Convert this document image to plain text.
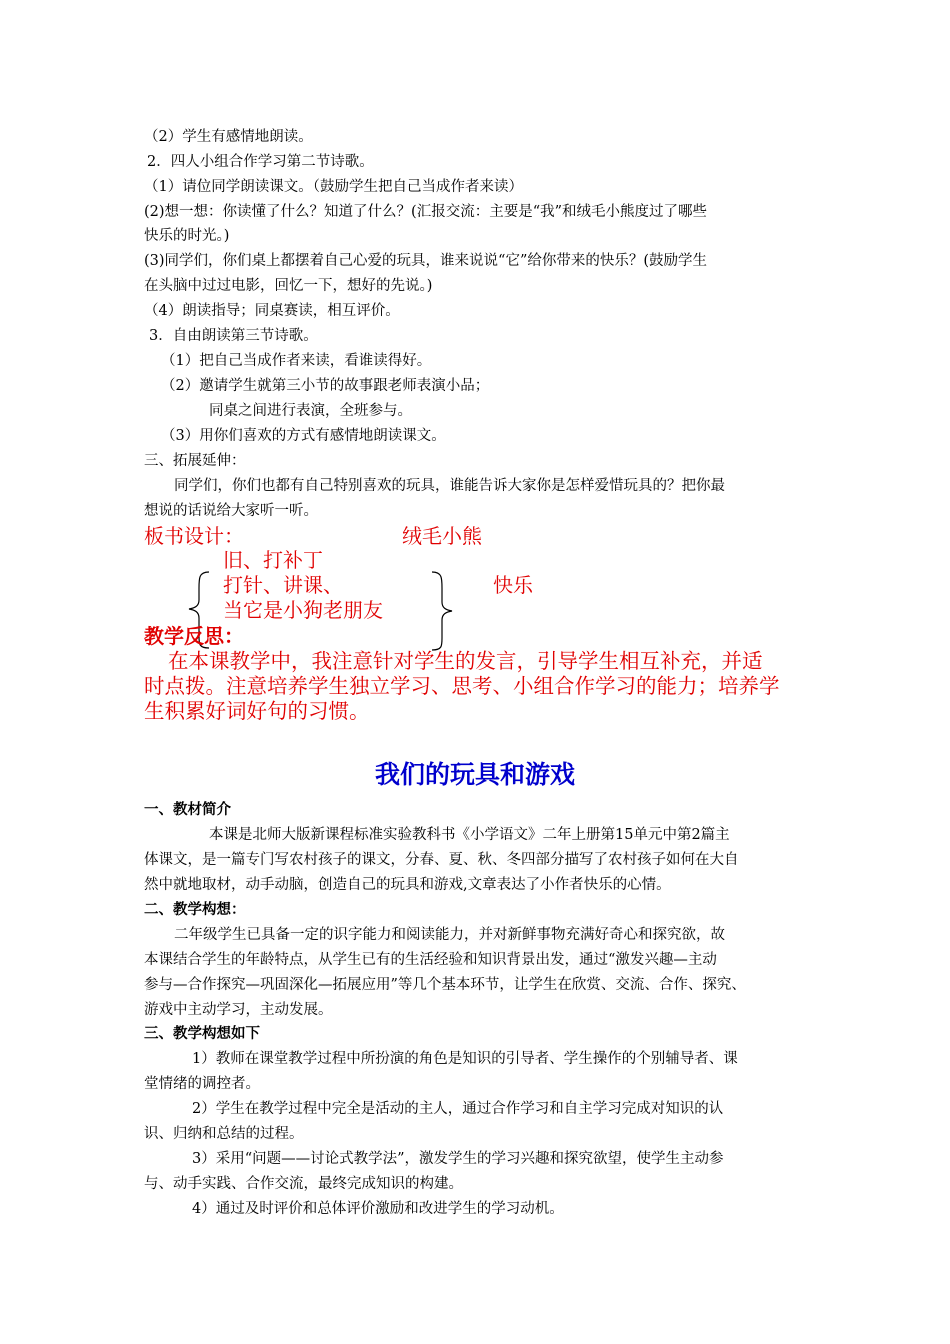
（2）学生有感情地朗读。
2．四人小组合作学习第二节诗歌。
（1）请位同学朗读课文。（鼓励学生把自己当成作者来读）
(2)想一想：你读懂了什么？知道了什么？(汇报交流：主要是“我”和绒毛小熊度过了哪些
快乐的时光。)
(3)同学们，你们桌上都摆着自己心爱的玩具，谁来说说“它”给你带来的快乐？(鼓励学生
在头脑中过过电影，回忆一下，想好的先说。)
（4）朗读指导；同桌赛读，相互评价。
3．自由朗读第三节诗歌。
（1）把自己当成作者来读，看谁读得好。
（2）邀请学生就第三小节的故事跟老师表演小品；
同桌之间进行表演，全班参与。
（3）用你们喜欢的方式有感情地朗读课文。
三、拓展延伸：
同学们，你们也都有自己特别喜欢的玩具，谁能告诉大家你是怎样爱惜玩具的？把你最
想说的话说给大家听一听。
板书设计：	绒毛小熊
旧、打补丁
打针、讲课、	快乐
当它是小狗老朋友
教学反思：
在本课教学中，我注意针对学生的发言，引导学生相互补充，并适
时点拨。注意培养学生独立学习、思考、小组合作学习的能力；培养学
生积累好词好句的习惯。
我们的玩具和游戏
一、教材简介
本课是北师大版新课程标准实验教科书《小学语文》二年上册第15单元中第2篇主
体课文，是一篇专门写农村孩子的课文，分春、夏、秋、冬四部分描写了农村孩子如何在大自
然中就地取材，动手动脑，创造自己的玩具和游戏,文章表达了小作者快乐的心情。
二、教学构想：
二年级学生已具备一定的识字能力和阅读能力，并对新鲜事物充满好奇心和探究欲，故
本课结合学生的年龄特点，从学生已有的生活经验和知识背景出发，通过“激发兴趣—主动
参与—合作探究—巩固深化—拓展应用”等几个基本环节，让学生在欣赏、交流、合作、探究、
游戏中主动学习，主动发展。
三、教学构想如下
1）教师在课堂教学过程中所扮演的角色是知识的引导者、学生操作的个别辅导者、课
堂情绪的调控者。
2）学生在教学过程中完全是活动的主人，通过合作学习和自主学习完成对知识的认
识、归纳和总结的过程。
3）采用“问题——讨论式教学法”，激发学生的学习兴趣和探究欲望，使学生主动参
与、动手实践、合作交流，最终完成知识的构建。
4）通过及时评价和总体评价激励和改进学生的学习动机。
